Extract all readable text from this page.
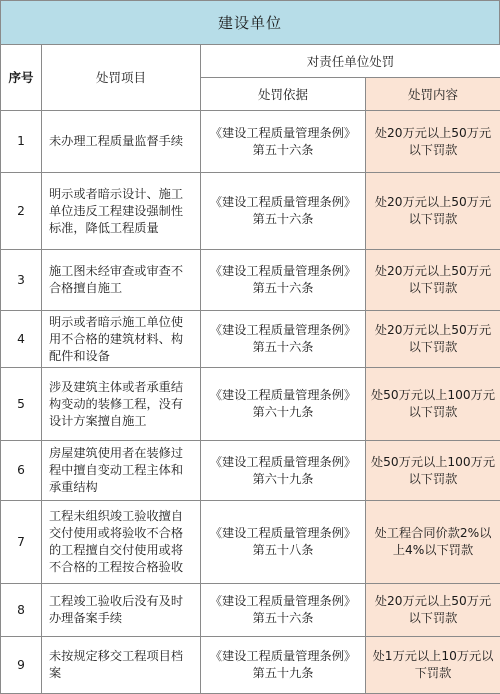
建设单位
序号	处罚项目	对责任单位处罚	
		处罚依据	处罚内容
1	未办理工程质量监督手续	《建设工程质量管理条例》第五十六条	处20万元以上50万元以下罚款
2	明示或者暗示设计、施工单位违反工程建设强制性标准，降低工程质量	《建设工程质量管理条例》第五十六条	处20万元以上50万元以下罚款
3	施工图未经审查或审查不合格擅自施工	《建设工程质量管理条例》第五十六条	处20万元以上50万元以下罚款
4	明示或者暗示施工单位使用不合格的建筑材料、构配件和设备	《建设工程质量管理条例》第五十六条	处20万元以上50万元以下罚款
5	涉及建筑主体或者承重结构变动的装修工程，没有设计方案擅自施工	《建设工程质量管理条例》第六十九条	处50万元以上100万元以下罚款
6	房屋建筑使用者在装修过程中擅自变动工程主体和承重结构	《建设工程质量管理条例》第六十九条	处50万元以上100万元以下罚款
7	工程未组织竣工验收擅自交付使用或将验收不合格的工程擅自交付使用或将不合格的工程按合格验收	《建设工程质量管理条例》第五十八条	处工程合同价款2%以上4%以下罚款
8	工程竣工验收后没有及时办理备案手续	《建设工程质量管理条例》第五十六条	处20万元以上50万元以下罚款
9	未按规定移交工程项目档案	《建设工程质量管理条例》第五十九条	处1万元以上10万元以下罚款
